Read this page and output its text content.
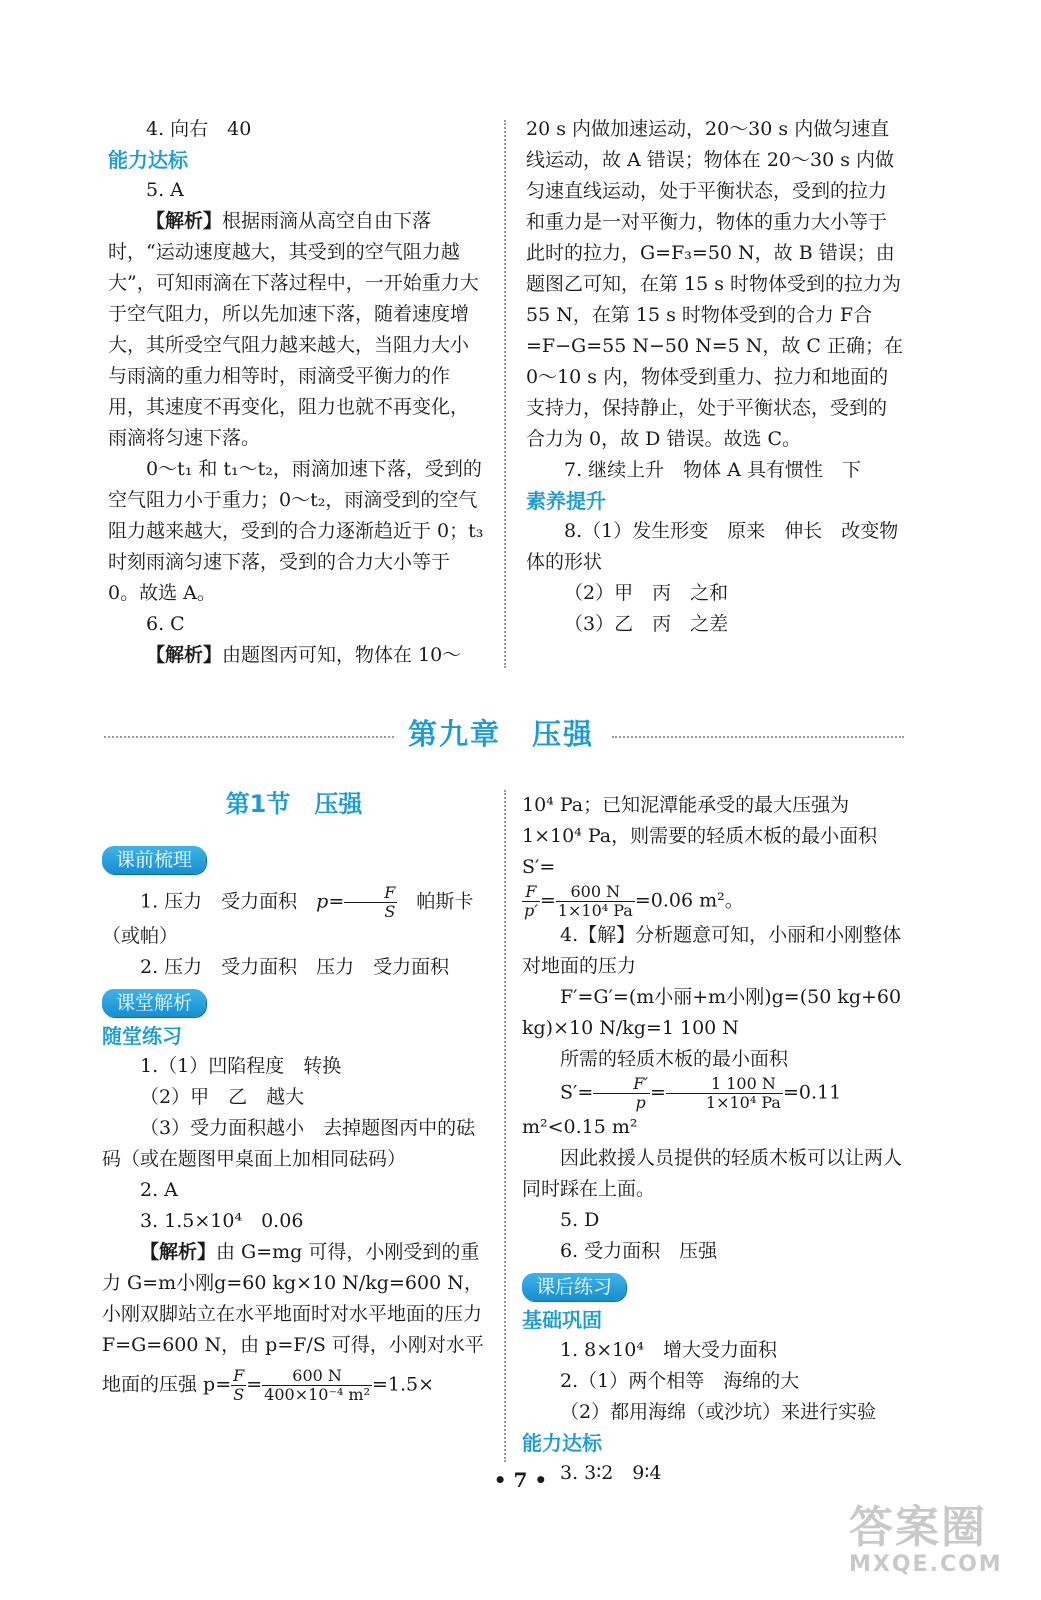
4. 向右　40

能力达标

5. A

【解析】根据雨滴从高空自由下落时，“运动速度越大，其受到的空气阻力越大”，可知雨滴在下落过程中，一开始重力大于空气阻力，所以先加速下落，随着速度增大，其所受空气阻力越来越大，当阻力大小与雨滴的重力相等时，雨滴受平衡力的作用，其速度不再变化，阻力也就不再变化，雨滴将匀速下落。

0～t₁ 和 t₁～t₂，雨滴加速下落，受到的空气阻力小于重力；0～t₂，雨滴受到的空气阻力越来越大，受到的合力逐渐趋近于 0；t₃ 时刻雨滴匀速下落，受到的合力大小等于 0。故选 A。

6. C

【解析】由题图丙可知，物体在 10～

20 s 内做加速运动，20～30 s 内做匀速直线运动，故 A 错误；物体在 20～30 s 内做匀速直线运动，处于平衡状态，受到的拉力和重力是一对平衡力，物体的重力大小等于此时的拉力，G=F₃=50 N，故 B 错误；由题图乙可知，在第 15 s 时物体受到的拉力为 55 N，在第 15 s 时物体受到的合力 F合=F−G=55 N−50 N=5 N，故 C 正确；在 0～10 s 内，物体受到重力、拉力和地面的支持力，保持静止，处于平衡状态，受到的合力为 0，故 D 错误。故选 C。

7. 继续上升　物体 A 具有惯性　下

素养提升

8.（1）发生形变　原来　伸长　改变物体的形状

（2）甲　丙　之和

（3）乙　丙　之差

第九章　压强
第1节　压强
课前梳理

1. 压力　受力面积　$p= \frac{F}{S}$ 　帕斯卡

（或帕）

2. 压力　受力面积　压力　受力面积

课堂解析

随堂练习

1.（1）凹陷程度　转换

（2）甲　乙　越大

（3）受力面积越小　去掉题图丙中的砝码（或在题图甲桌面上加相同砝码）

2. A

3. 1.5×10⁴　0.06

【解析】由 G=mg 可得，小刚受到的重力 G=m小刚g=60 kg×10 N/kg=600 N，小刚双脚站立在水平地面时对水平地面的压力 F=G=600 N，由 p=F/S 可得，小刚对水平

地面的压强 $p= \frac{F}{S} = \frac{600 N}{\text{400×10⁻⁴ m²}} =1.5\times$

10⁴ Pa；已知泥潭能承受的最大压强为 1×10⁴ Pa，则需要的轻质木板的最小面积 S′=

$\frac{F}{p'} = \frac{600 N}{\text{1×10⁴ Pa}} =0.06$ m²。

4.【解】分析题意可知，小丽和小刚整体对地面的压力

F′=G′=(m小丽+m小刚)g=(50 kg+60 kg)×10 N/kg=1 100 N

所需的轻质木板的最小面积

$S'= \frac{F'}{p} = \frac{1 100 N}{\text{1×10⁴ Pa}} =0.11$ m²<0.15 m²

因此救援人员提供的轻质木板可以让两人同时踩在上面。

5. D

6. 受力面积　压强

课后练习

基础巩固

1. 8×10⁴　增大受力面积

2.（1）两个相等　海绵的大

（2）都用海绵（或沙坑）来进行实验

能力达标

3. 3∶2　9∶4

• 7 •
答案圈
MXQE.COM
